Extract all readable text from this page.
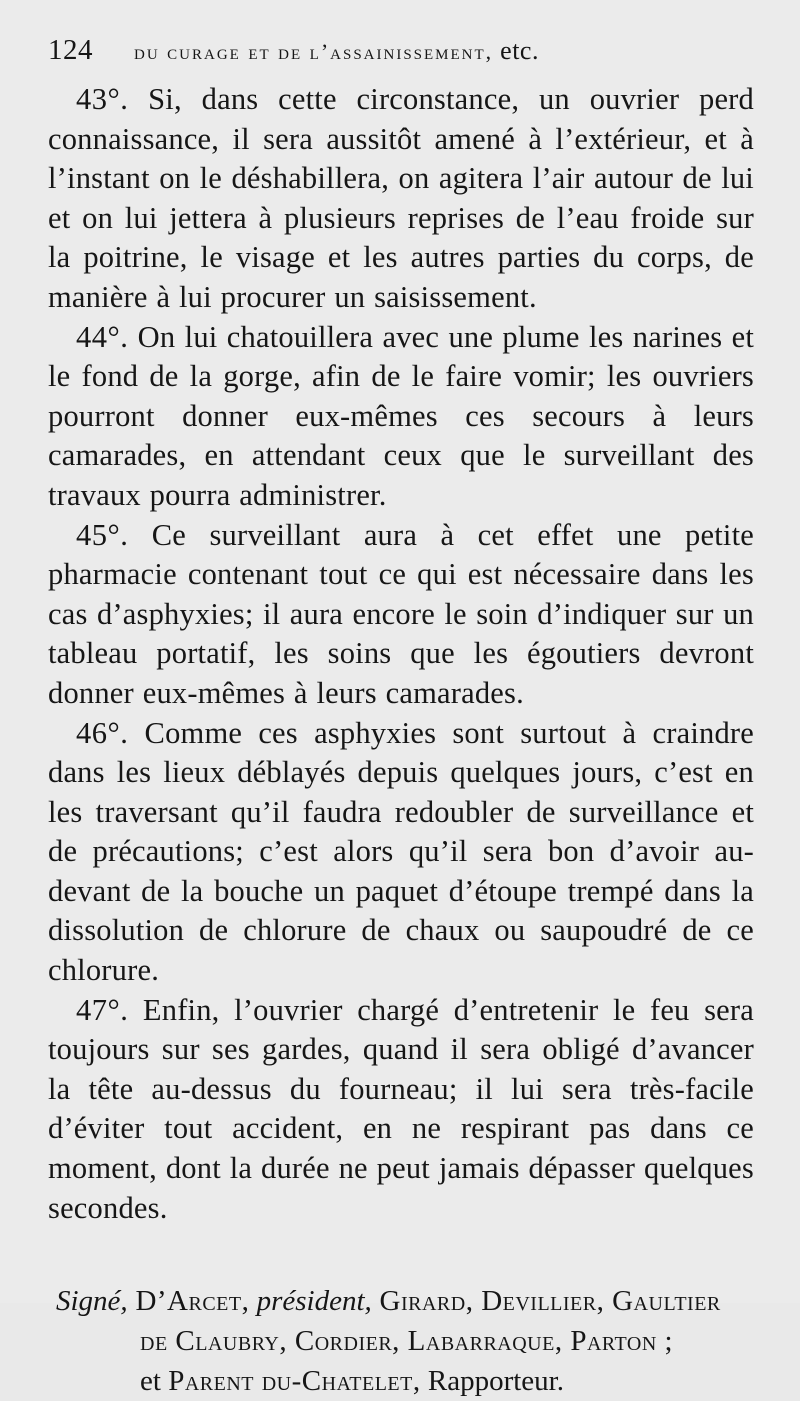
124	du curage et de l’assainissement, etc.

43°. Si, dans cette circonstance, un ouvrier perd connaissance, il sera aussitôt amené à l’extérieur, et à l’instant on le déshabillera, on agitera l’air autour de lui et on lui jettera à plusieurs reprises de l’eau froide sur la poitrine, le visage et les autres parties du corps, de manière à lui procurer un saisissement.

44°. On lui chatouillera avec une plume les narines et le fond de la gorge, afin de le faire vomir; les ouvriers pourront donner eux-mêmes ces secours à leurs camarades, en attendant ceux que le surveillant des travaux pourra administrer.

45°. Ce surveillant aura à cet effet une petite pharmacie contenant tout ce qui est nécessaire dans les cas d’asphyxies; il aura encore le soin d’indiquer sur un tableau portatif, les soins que les égoutiers devront donner eux-mêmes à leurs camarades.

46°. Comme ces asphyxies sont surtout à craindre dans les lieux déblayés depuis quelques jours, c’est en les traversant qu’il faudra redoubler de surveillance et de précautions; c’est alors qu’il sera bon d’avoir au-devant de la bouche un paquet d’étoupe trempé dans la dissolution de chlorure de chaux ou saupoudré de ce chlorure.

47°. Enfin, l’ouvrier chargé d’entretenir le feu sera toujours sur ses gardes, quand il sera obligé d’avancer la tête au-dessus du fourneau; il lui sera très-facile d’éviter tout accident, en ne respirant pas dans ce moment, dont la durée ne peut jamais dépasser quelques secondes.

Signé, D’Arcet, président, Girard, Devillier, Gaultier
de Claubry, Cordier, Labarraque, Parton ;
et Parent du-Chatelet, Rapporteur.
